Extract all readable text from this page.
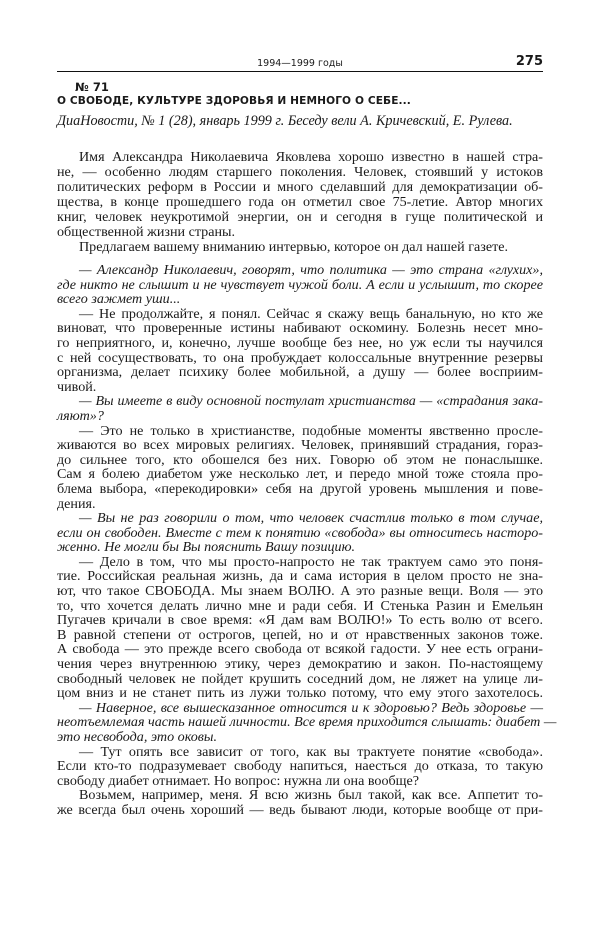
1994—1999 годы	275
№ 71
О СВОБОДЕ, КУЛЬТУРЕ ЗДОРОВЬЯ И НЕМНОГО О СЕБЕ...
ДиаНовости, № 1 (28), январь 1999 г. Беседу вели А. Кричевский, Е. Рулева.
Имя Александра Николаевича Яковлева хорошо известно в нашей стра-
не, — особенно людям старшего поколения. Человек, стоявший у истоков
политических реформ в России и много сделавший для демократизации об-
щества, в конце прошедшего года он отметил свое 75-летие. Автор многих
книг, человек неукротимой энергии, он и сегодня в гуще политической и
общественной жизни страны.
Предлагаем вашему вниманию интервью, которое он дал нашей газете.
— Александр Николаевич, говорят, что политика — это страна «глухих»,
где никто не слышит и не чувствует чужой боли. А если и услышит, то скорее
всего зажмет уши...
— Не продолжайте, я понял. Сейчас я скажу вещь банальную, но кто же
виноват, что проверенные истины набивают оскомину. Болезнь несет мно-
го неприятного, и, конечно, лучше вообще без нее, но уж если ты научился
с ней сосуществовать, то она пробуждает колоссальные внутренние резервы
организма, делает психику более мобильной, а душу — более восприим-
чивой.
— Вы имеете в виду основной постулат христианства — «страдания зака-
ляют»?
— Это не только в христианстве, подобные моменты явственно просле-
живаются во всех мировых религиях. Человек, принявший страдания, гораз-
до сильнее того, кто обошелся без них. Говорю об этом не понаслышке.
Сам я болею диабетом уже несколько лет, и передо мной тоже стояла про-
блема выбора, «перекодировки» себя на другой уровень мышления и пове-
дения.
— Вы не раз говорили о том, что человек счастлив только в том случае,
если он свободен. Вместе с тем к понятию «свобода» вы относитесь насторо-
женно. Не могли бы Вы пояснить Вашу позицию.
— Дело в том, что мы просто-напросто не так трактуем само это поня-
тие. Российская реальная жизнь, да и сама история в целом просто не зна-
ют, что такое СВОБОДА. Мы знаем ВОЛЮ. А это разные вещи. Воля — это
то, что хочется делать лично мне и ради себя. И Стенька Разин и Емельян
Пугачев кричали в свое время: «Я дам вам ВОЛЮ!» То есть волю от всего.
В равной степени от острогов, цепей, но и от нравственных законов тоже.
А свобода — это прежде всего свобода от всякой гадости. У нее есть ограни-
чения через внутреннюю этику, через демократию и закон. По-настоящему
свободный человек не пойдет крушить соседний дом, не ляжет на улице ли-
цом вниз и не станет пить из лужи только потому, что ему этого захотелось.
— Наверное, все вышесказанное относится и к здоровью? Ведь здоровье —
неотъемлемая часть нашей личности. Все время приходится слышать: диабет —
это несвобода, это оковы.
— Тут опять все зависит от того, как вы трактуете понятие «свобода».
Если кто-то подразумевает свободу напиться, наесться до отказа, то такую
свободу диабет отнимает. Но вопрос: нужна ли она вообще?
Возьмем, например, меня. Я всю жизнь был такой, как все. Аппетит то-
же всегда был очень хороший — ведь бывают люди, которые вообще от при-
